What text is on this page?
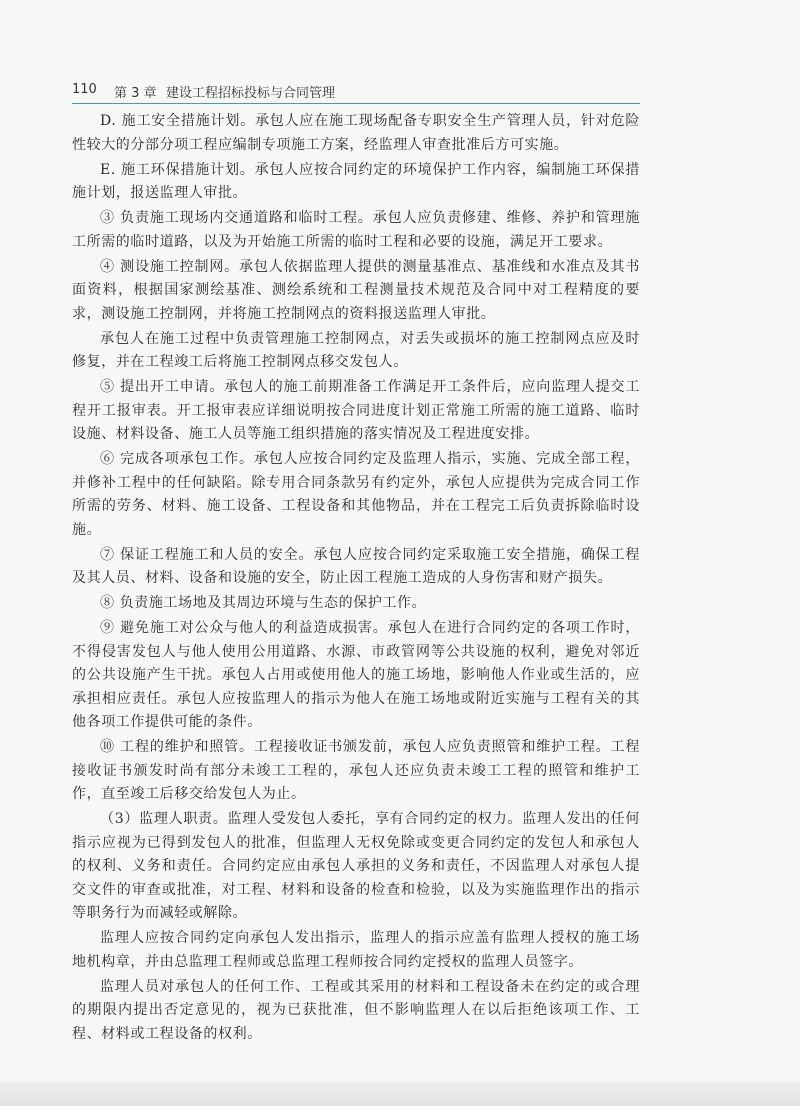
110 第 3 章 建设工程招标投标与合同管理

D. 施工安全措施计划。承包人应在施工现场配备专职安全生产管理人员，针对危险性较大的分部分项工程应编制专项施工方案，经监理人审查批准后方可实施。

E. 施工环保措施计划。承包人应按合同约定的环境保护工作内容，编制施工环保措施计划，报送监理人审批。

③ 负责施工现场内交通道路和临时工程。承包人应负责修建、维修、养护和管理施工所需的临时道路，以及为开始施工所需的临时工程和必要的设施，满足开工要求。

④ 测设施工控制网。承包人依据监理人提供的测量基准点、基准线和水准点及其书面资料，根据国家测绘基准、测绘系统和工程测量技术规范及合同中对工程精度的要求，测设施工控制网，并将施工控制网点的资料报送监理人审批。

承包人在施工过程中负责管理施工控制网点，对丢失或损坏的施工控制网点应及时修复，并在工程竣工后将施工控制网点移交发包人。

⑤ 提出开工申请。承包人的施工前期准备工作满足开工条件后，应向监理人提交工程开工报审表。开工报审表应详细说明按合同进度计划正常施工所需的施工道路、临时设施、材料设备、施工人员等施工组织措施的落实情况及工程进度安排。

⑥ 完成各项承包工作。承包人应按合同约定及监理人指示，实施、完成全部工程，并修补工程中的任何缺陷。除专用合同条款另有约定外，承包人应提供为完成合同工作所需的劳务、材料、施工设备、工程设备和其他物品，并在工程完工后负责拆除临时设施。

⑦ 保证工程施工和人员的安全。承包人应按合同约定采取施工安全措施，确保工程及其人员、材料、设备和设施的安全，防止因工程施工造成的人身伤害和财产损失。

⑧ 负责施工场地及其周边环境与生态的保护工作。

⑨ 避免施工对公众与他人的利益造成损害。承包人在进行合同约定的各项工作时，不得侵害发包人与他人使用公用道路、水源、市政管网等公共设施的权利，避免对邻近的公共设施产生干扰。承包人占用或使用他人的施工场地，影响他人作业或生活的，应承担相应责任。承包人应按监理人的指示为他人在施工场地或附近实施与工程有关的其他各项工作提供可能的条件。

⑩ 工程的维护和照管。工程接收证书颁发前，承包人应负责照管和维护工程。工程接收证书颁发时尚有部分未竣工工程的，承包人还应负责未竣工工程的照管和维护工作，直至竣工后移交给发包人为止。

（3）监理人职责。监理人受发包人委托，享有合同约定的权力。监理人发出的任何指示应视为已得到发包人的批准，但监理人无权免除或变更合同约定的发包人和承包人的权利、义务和责任。合同约定应由承包人承担的义务和责任，不因监理人对承包人提交文件的审查或批准，对工程、材料和设备的检查和检验，以及为实施监理作出的指示等职务行为而减轻或解除。

监理人应按合同约定向承包人发出指示，监理人的指示应盖有监理人授权的施工场地机构章，并由总监理工程师或总监理工程师按合同约定授权的监理人员签字。

监理人员对承包人的任何工作、工程或其采用的材料和工程设备未在约定的或合理的期限内提出否定意见的，视为已获批准，但不影响监理人在以后拒绝该项工作、工程、材料或工程设备的权利。
